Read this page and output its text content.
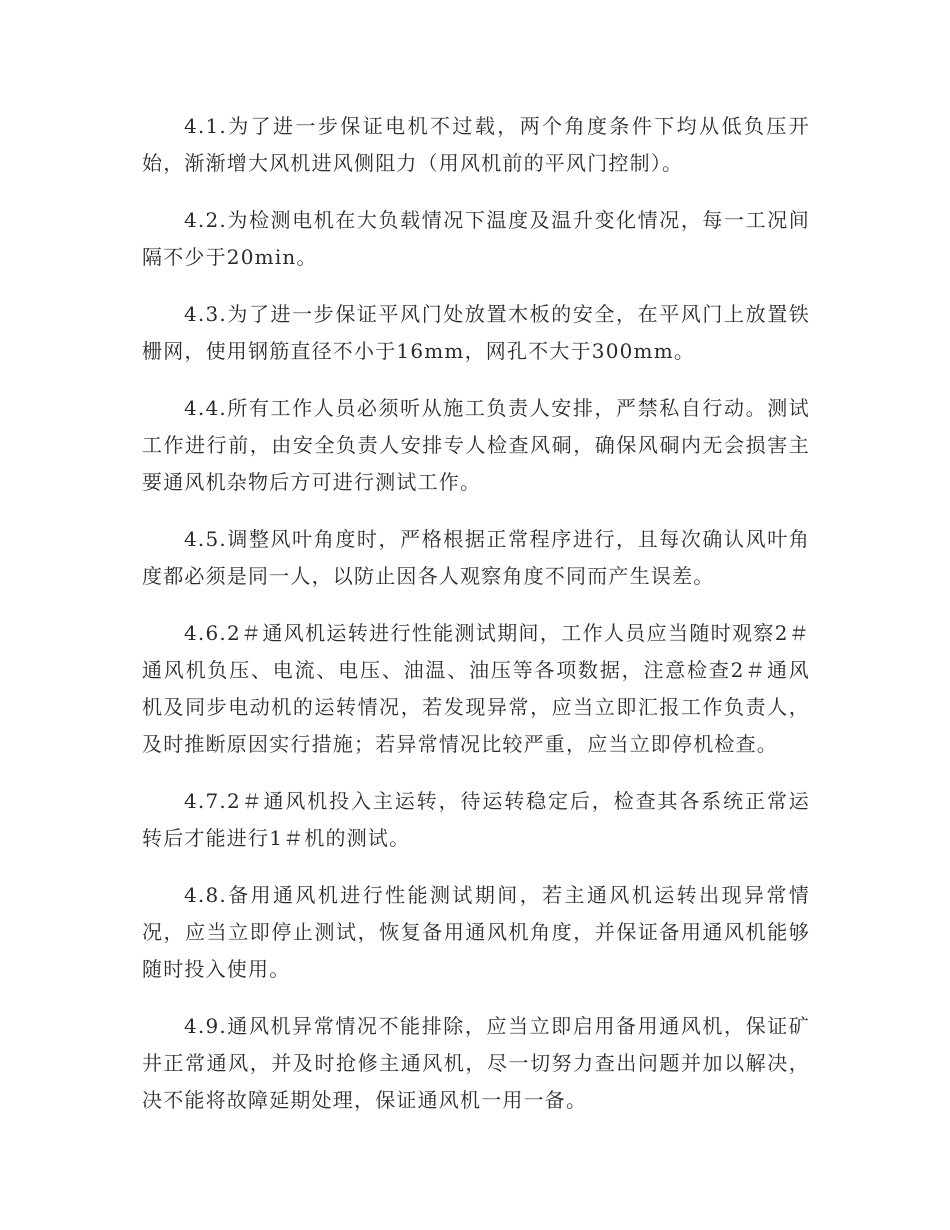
4.1.为了进一步保证电机不过载，两个角度条件下均从低负压开始，渐渐增大风机进风侧阻力（用风机前的平风门控制）。

4.2.为检测电机在大负载情况下温度及温升变化情况，每一工况间隔不少于20min。

4.3.为了进一步保证平风门处放置木板的安全，在平风门上放置铁栅网，使用钢筋直径不小于16mm，网孔不大于300mm。

4.4.所有工作人员必须听从施工负责人安排，严禁私自行动。测试工作进行前，由安全负责人安排专人检查风硐，确保风硐内无会损害主要通风机杂物后方可进行测试工作。

4.5.调整风叶角度时，严格根据正常程序进行，且每次确认风叶角度都必须是同一人，以防止因各人观察角度不同而产生误差。

4.6.2＃通风机运转进行性能测试期间，工作人员应当随时观察2＃通风机负压、电流、电压、油温、油压等各项数据，注意检查2＃通风机及同步电动机的运转情况，若发现异常，应当立即汇报工作负责人，及时推断原因实行措施；若异常情况比较严重，应当立即停机检查。

4.7.2＃通风机投入主运转，待运转稳定后，检查其各系统正常运转后才能进行1＃机的测试。

4.8.备用通风机进行性能测试期间，若主通风机运转出现异常情况，应当立即停止测试，恢复备用通风机角度，并保证备用通风机能够随时投入使用。

4.9.通风机异常情况不能排除，应当立即启用备用通风机，保证矿井正常通风，并及时抢修主通风机，尽一切努力查出问题并加以解决，决不能将故障延期处理，保证通风机一用一备。
